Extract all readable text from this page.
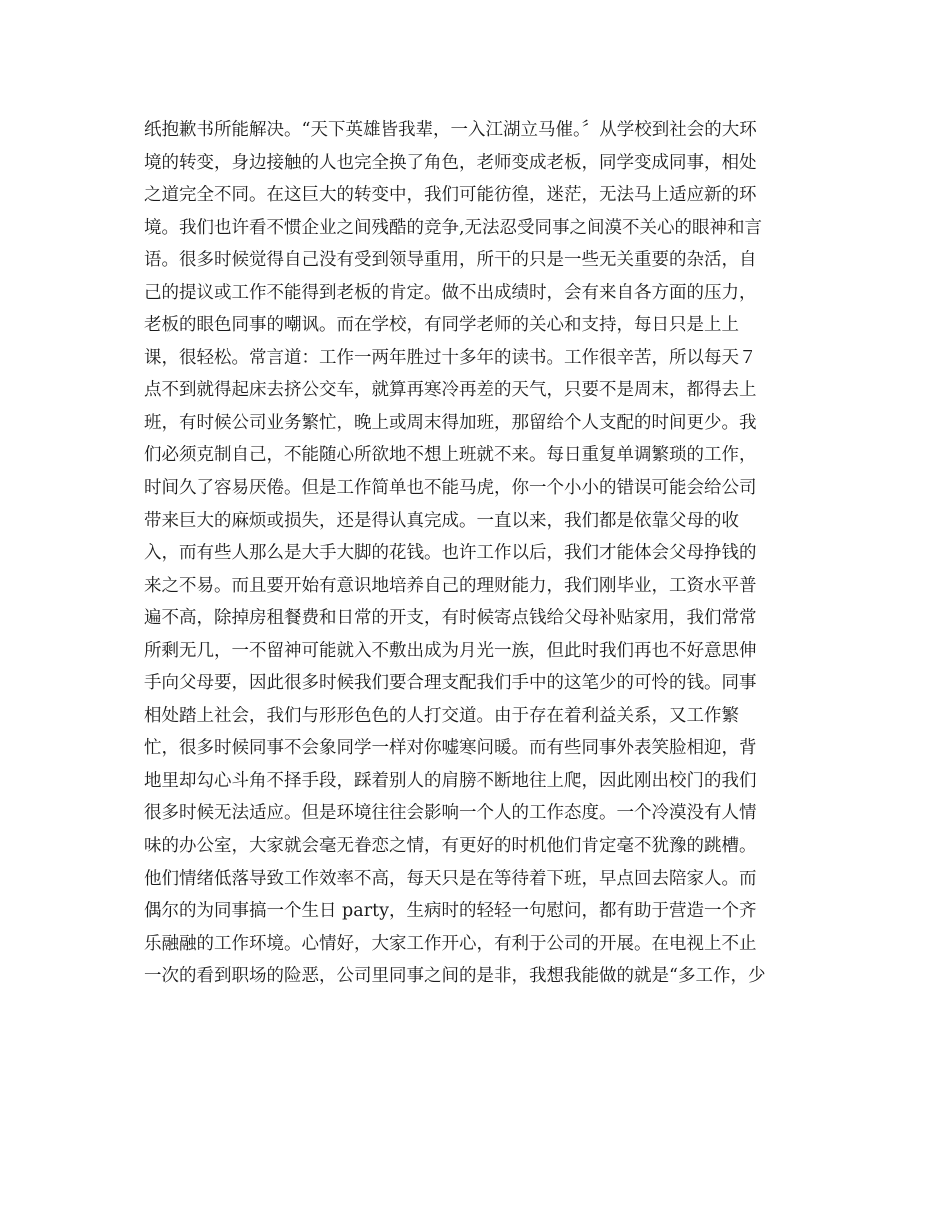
纸抱歉书所能解决。“天下英雄皆我辈，一入江湖立马催。〞从学校到社会的大环
境的转变，身边接触的人也完全换了角色，老师变成老板，同学变成同事，相处
之道完全不同。在这巨大的转变中，我们可能彷徨，迷茫，无法马上适应新的环
境。我们也许看不惯企业之间残酷的竞争,无法忍受同事之间漠不关心的眼神和言
语。很多时候觉得自己没有受到领导重用，所干的只是一些无关重要的杂活，自
己的提议或工作不能得到老板的肯定。做不出成绩时，会有来自各方面的压力，
老板的眼色同事的嘲讽。而在学校，有同学老师的关心和支持，每日只是上上
课，很轻松。常言道：工作一两年胜过十多年的读书。工作很辛苦，所以每天７
点不到就得起床去挤公交车，就算再寒冷再差的天气，只要不是周末，都得去上
班，有时候公司业务繁忙，晚上或周末得加班，那留给个人支配的时间更少。我
们必须克制自己，不能随心所欲地不想上班就不来。每日重复单调繁琐的工作，
时间久了容易厌倦。但是工作简单也不能马虎，你一个小小的错误可能会给公司
带来巨大的麻烦或损失，还是得认真完成。一直以来，我们都是依靠父母的收
入，而有些人那么是大手大脚的花钱。也许工作以后，我们才能体会父母挣钱的
来之不易。而且要开始有意识地培养自己的理财能力，我们刚毕业，工资水平普
遍不高，除掉房租餐费和日常的开支，有时候寄点钱给父母补贴家用，我们常常
所剩无几，一不留神可能就入不敷出成为月光一族，但此时我们再也不好意思伸
手向父母要，因此很多时候我们要合理支配我们手中的这笔少的可怜的钱。同事
相处踏上社会，我们与形形色色的人打交道。由于存在着利益关系，又工作繁
忙，很多时候同事不会象同学一样对你嘘寒问暖。而有些同事外表笑脸相迎，背
地里却勾心斗角不择手段，踩着别人的肩膀不断地往上爬，因此刚出校门的我们
很多时候无法适应。但是环境往往会影响一个人的工作态度。一个冷漠没有人情
味的办公室，大家就会毫无眷恋之情，有更好的时机他们肯定毫不犹豫的跳槽。
他们情绪低落导致工作效率不高，每天只是在等待着下班，早点回去陪家人。而
偶尔的为同事搞一个生日 party，生病时的轻轻一句慰问，都有助于营造一个齐
乐融融的工作环境。心情好，大家工作开心，有利于公司的开展。在电视上不止
一次的看到职场的险恶，公司里同事之间的是非，我想我能做的就是“多工作，少
